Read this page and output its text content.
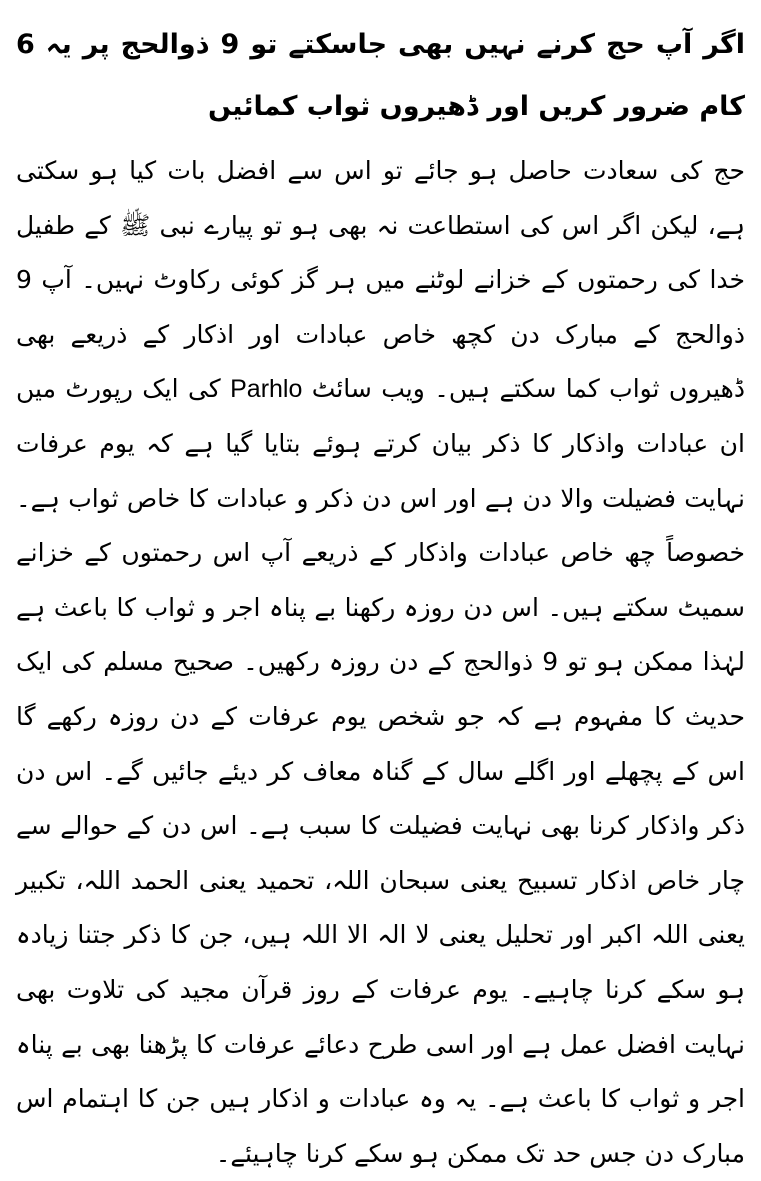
اگر آپ حج کرنے نہیں بھی جاسکتے تو 9 ذوالحج پر یہ 6 کام ضرور کریں اور ڈھیروں ثواب کمائیں

حج کی سعادت حاصل ہو جائے تو اس سے افضل بات کیا ہو سکتی ہے، لیکن اگر اس کی استطاعت نہ بھی ہو تو پیارے نبی ﷺ کے طفیل خدا کی رحمتوں کے خزانے لوٹنے میں ہر گز کوئی رکاوٹ نہیں۔ آپ 9 ذوالحج کے مبارک دن کچھ خاص عبادات اور اذکار کے ذریعے بھی ڈھیروں ثواب کما سکتے ہیں۔ ویب سائٹ Parhlo کی ایک رپورٹ میں ان عبادات واذکار کا ذکر بیان کرتے ہوئے بتایا گیا ہے کہ یوم عرفات نہایت فضیلت والا دن ہے اور اس دن ذکر و عبادات کا خاص ثواب ہے۔ خصوصاً چھ خاص عبادات واذکار کے ذریعے آپ اس رحمتوں کے خزانے سمیٹ سکتے ہیں۔ اس دن روزہ رکھنا بے پناہ اجر و ثواب کا باعث ہے لہٰذا ممکن ہو تو 9 ذوالحج کے دن روزہ رکھیں۔ صحیح مسلم کی ایک حدیث کا مفہوم ہے کہ جو شخص یوم عرفات کے دن روزہ رکھے گا اس کے پچھلے اور اگلے سال کے گناہ معاف کر دیئے جائیں گے۔ اس دن ذکر واذکار کرنا بھی نہایت فضیلت کا سبب ہے۔ اس دن کے حوالے سے چار خاص اذکار تسبیح یعنی سبحان اللہ، تحمید یعنی الحمد اللہ، تکبیر یعنی اللہ اکبر اور تحلیل یعنی لا الہ الا اللہ ہیں، جن کا ذکر جتنا زیادہ ہو سکے کرنا چاہیے۔ یوم عرفات کے روز قرآن مجید کی تلاوت بھی نہایت افضل عمل ہے اور اسی طرح دعائے عرفات کا پڑھنا بھی بے پناہ اجر و ثواب کا باعث ہے۔ یہ وہ عبادات و اذکار ہیں جن کا اہتمام اس مبارک دن جس حد تک ممکن ہو سکے کرنا چاہیئے۔
